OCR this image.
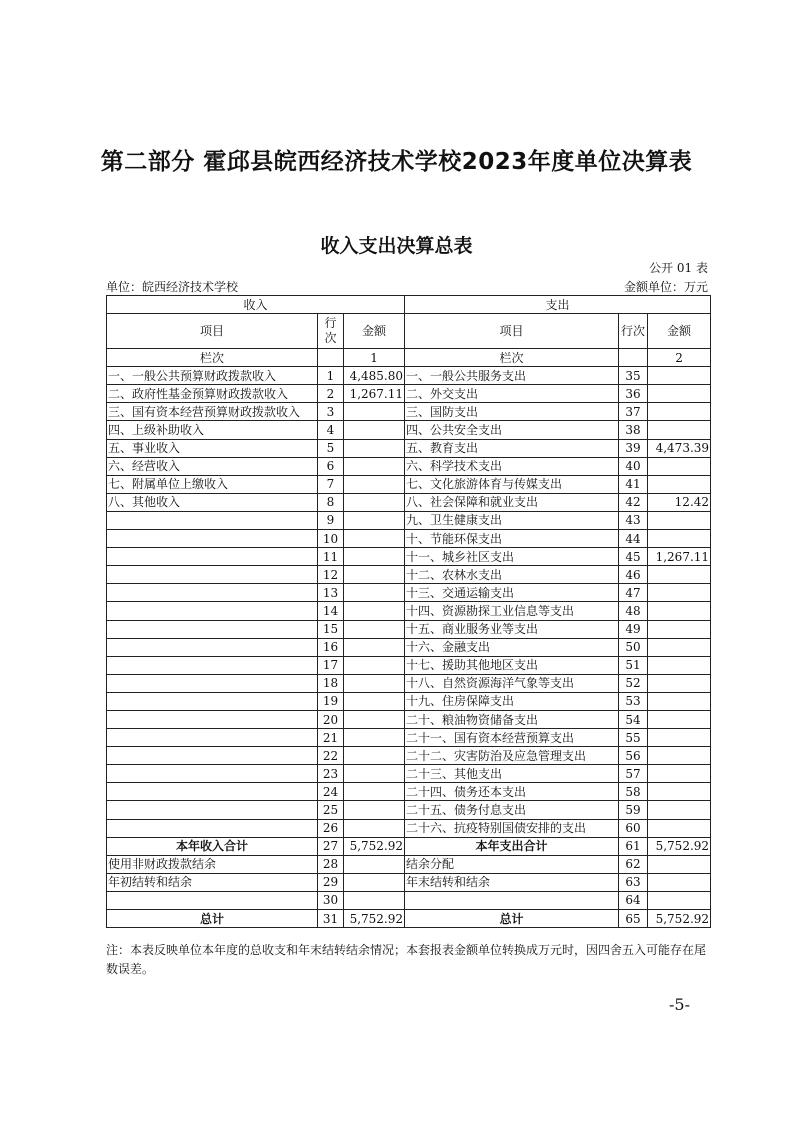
第二部分 霍邱县皖西经济技术学校2023年度单位决算表
收入支出决算总表
公开 01 表
单位：皖西经济技术学校	金额单位：万元
收入			支出		
项目	行次	金额	项目	行次	金额
栏次		1	栏次		2
一、一般公共预算财政拨款收入	1	4,485.80	一、一般公共服务支出	35	
二、政府性基金预算财政拨款收入	2	1,267.11	二、外交支出	36	
三、国有资本经营预算财政拨款收入	3		三、国防支出	37	
四、上级补助收入	4		四、公共安全支出	38	
五、事业收入	5		五、教育支出	39	4,473.39
六、经营收入	6		六、科学技术支出	40	
七、附属单位上缴收入	7		七、文化旅游体育与传媒支出	41	
八、其他收入	8		八、社会保障和就业支出	42	12.42
	9		九、卫生健康支出	43	
	10		十、节能环保支出	44	
	11		十一、城乡社区支出	45	1,267.11
	12		十二、农林水支出	46	
	13		十三、交通运输支出	47	
	14		十四、资源勘探工业信息等支出	48	
	15		十五、商业服务业等支出	49	
	16		十六、金融支出	50	
	17		十七、援助其他地区支出	51	
	18		十八、自然资源海洋气象等支出	52	
	19		十九、住房保障支出	53	
	20		二十、粮油物资储备支出	54	
	21		二十一、国有资本经营预算支出	55	
	22		二十二、灾害防治及应急管理支出	56	
	23		二十三、其他支出	57	
	24		二十四、债务还本支出	58	
	25		二十五、债务付息支出	59	
	26		二十六、抗疫特别国债安排的支出	60	
本年收入合计	27	5,752.92	本年支出合计	61	5,752.92
使用非财政拨款结余	28		结余分配	62	
年初结转和结余	29		年末结转和结余	63	
	30			64	
总计	31	5,752.92	总计	65	5,752.92
注：本表反映单位本年度的总收支和年末结转结余情况；本套报表金额单位转换成万元时，因四舍五入可能存在尾数误差。
-5-
